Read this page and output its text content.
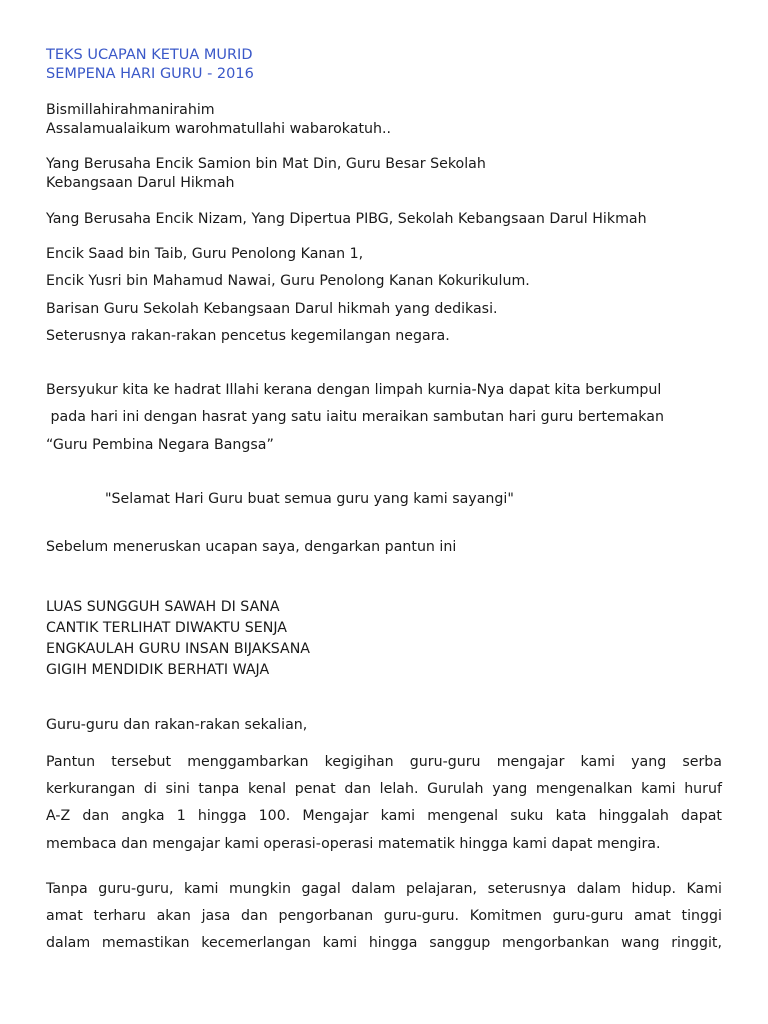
TEKS UCAPAN KETUA MURID
SEMPENA HARI GURU - 2016
Bismillahirahmanirahim
Assalamualaikum warohmatullahi wabarokatuh..
Yang Berusaha Encik Samion bin Mat Din, Guru Besar Sekolah
Kebangsaan Darul Hikmah
Yang Berusaha Encik Nizam, Yang Dipertua PIBG, Sekolah Kebangsaan Darul Hikmah
Encik Saad bin Taib, Guru Penolong Kanan 1,
Encik Yusri bin Mahamud Nawai, Guru Penolong Kanan Kokurikulum.
Barisan Guru Sekolah Kebangsaan Darul hikmah yang dedikasi.
Seterusnya rakan-rakan pencetus kegemilangan negara.
Bersyukur kita ke hadrat Illahi kerana dengan limpah kurnia-Nya dapat kita berkumpul
pada hari ini dengan hasrat yang satu iaitu meraikan sambutan hari guru bertemakan
“Guru Pembina Negara Bangsa”
"Selamat Hari Guru buat semua guru yang kami sayangi"
Sebelum meneruskan ucapan saya, dengarkan pantun ini
LUAS SUNGGUH SAWAH DI SANA
CANTIK TERLIHAT DIWAKTU SENJA
ENGKAULAH GURU INSAN BIJAKSANA
GIGIH MENDIDIK BERHATI WAJA
Guru-guru dan rakan-rakan sekalian,
Pantun tersebut menggambarkan kegigihan guru-guru mengajar kami yang serba
kerkurangan di sini tanpa kenal penat dan lelah. Gurulah yang mengenalkan kami huruf
A-Z dan angka 1 hingga 100. Mengajar kami mengenal suku kata hinggalah dapat
membaca dan mengajar kami operasi-operasi matematik hingga kami dapat mengira.
Tanpa guru-guru, kami mungkin gagal dalam pelajaran, seterusnya dalam hidup. Kami
amat terharu akan jasa dan pengorbanan guru-guru. Komitmen guru-guru amat tinggi
dalam memastikan kecemerlangan kami hingga sanggup mengorbankan wang ringgit,
